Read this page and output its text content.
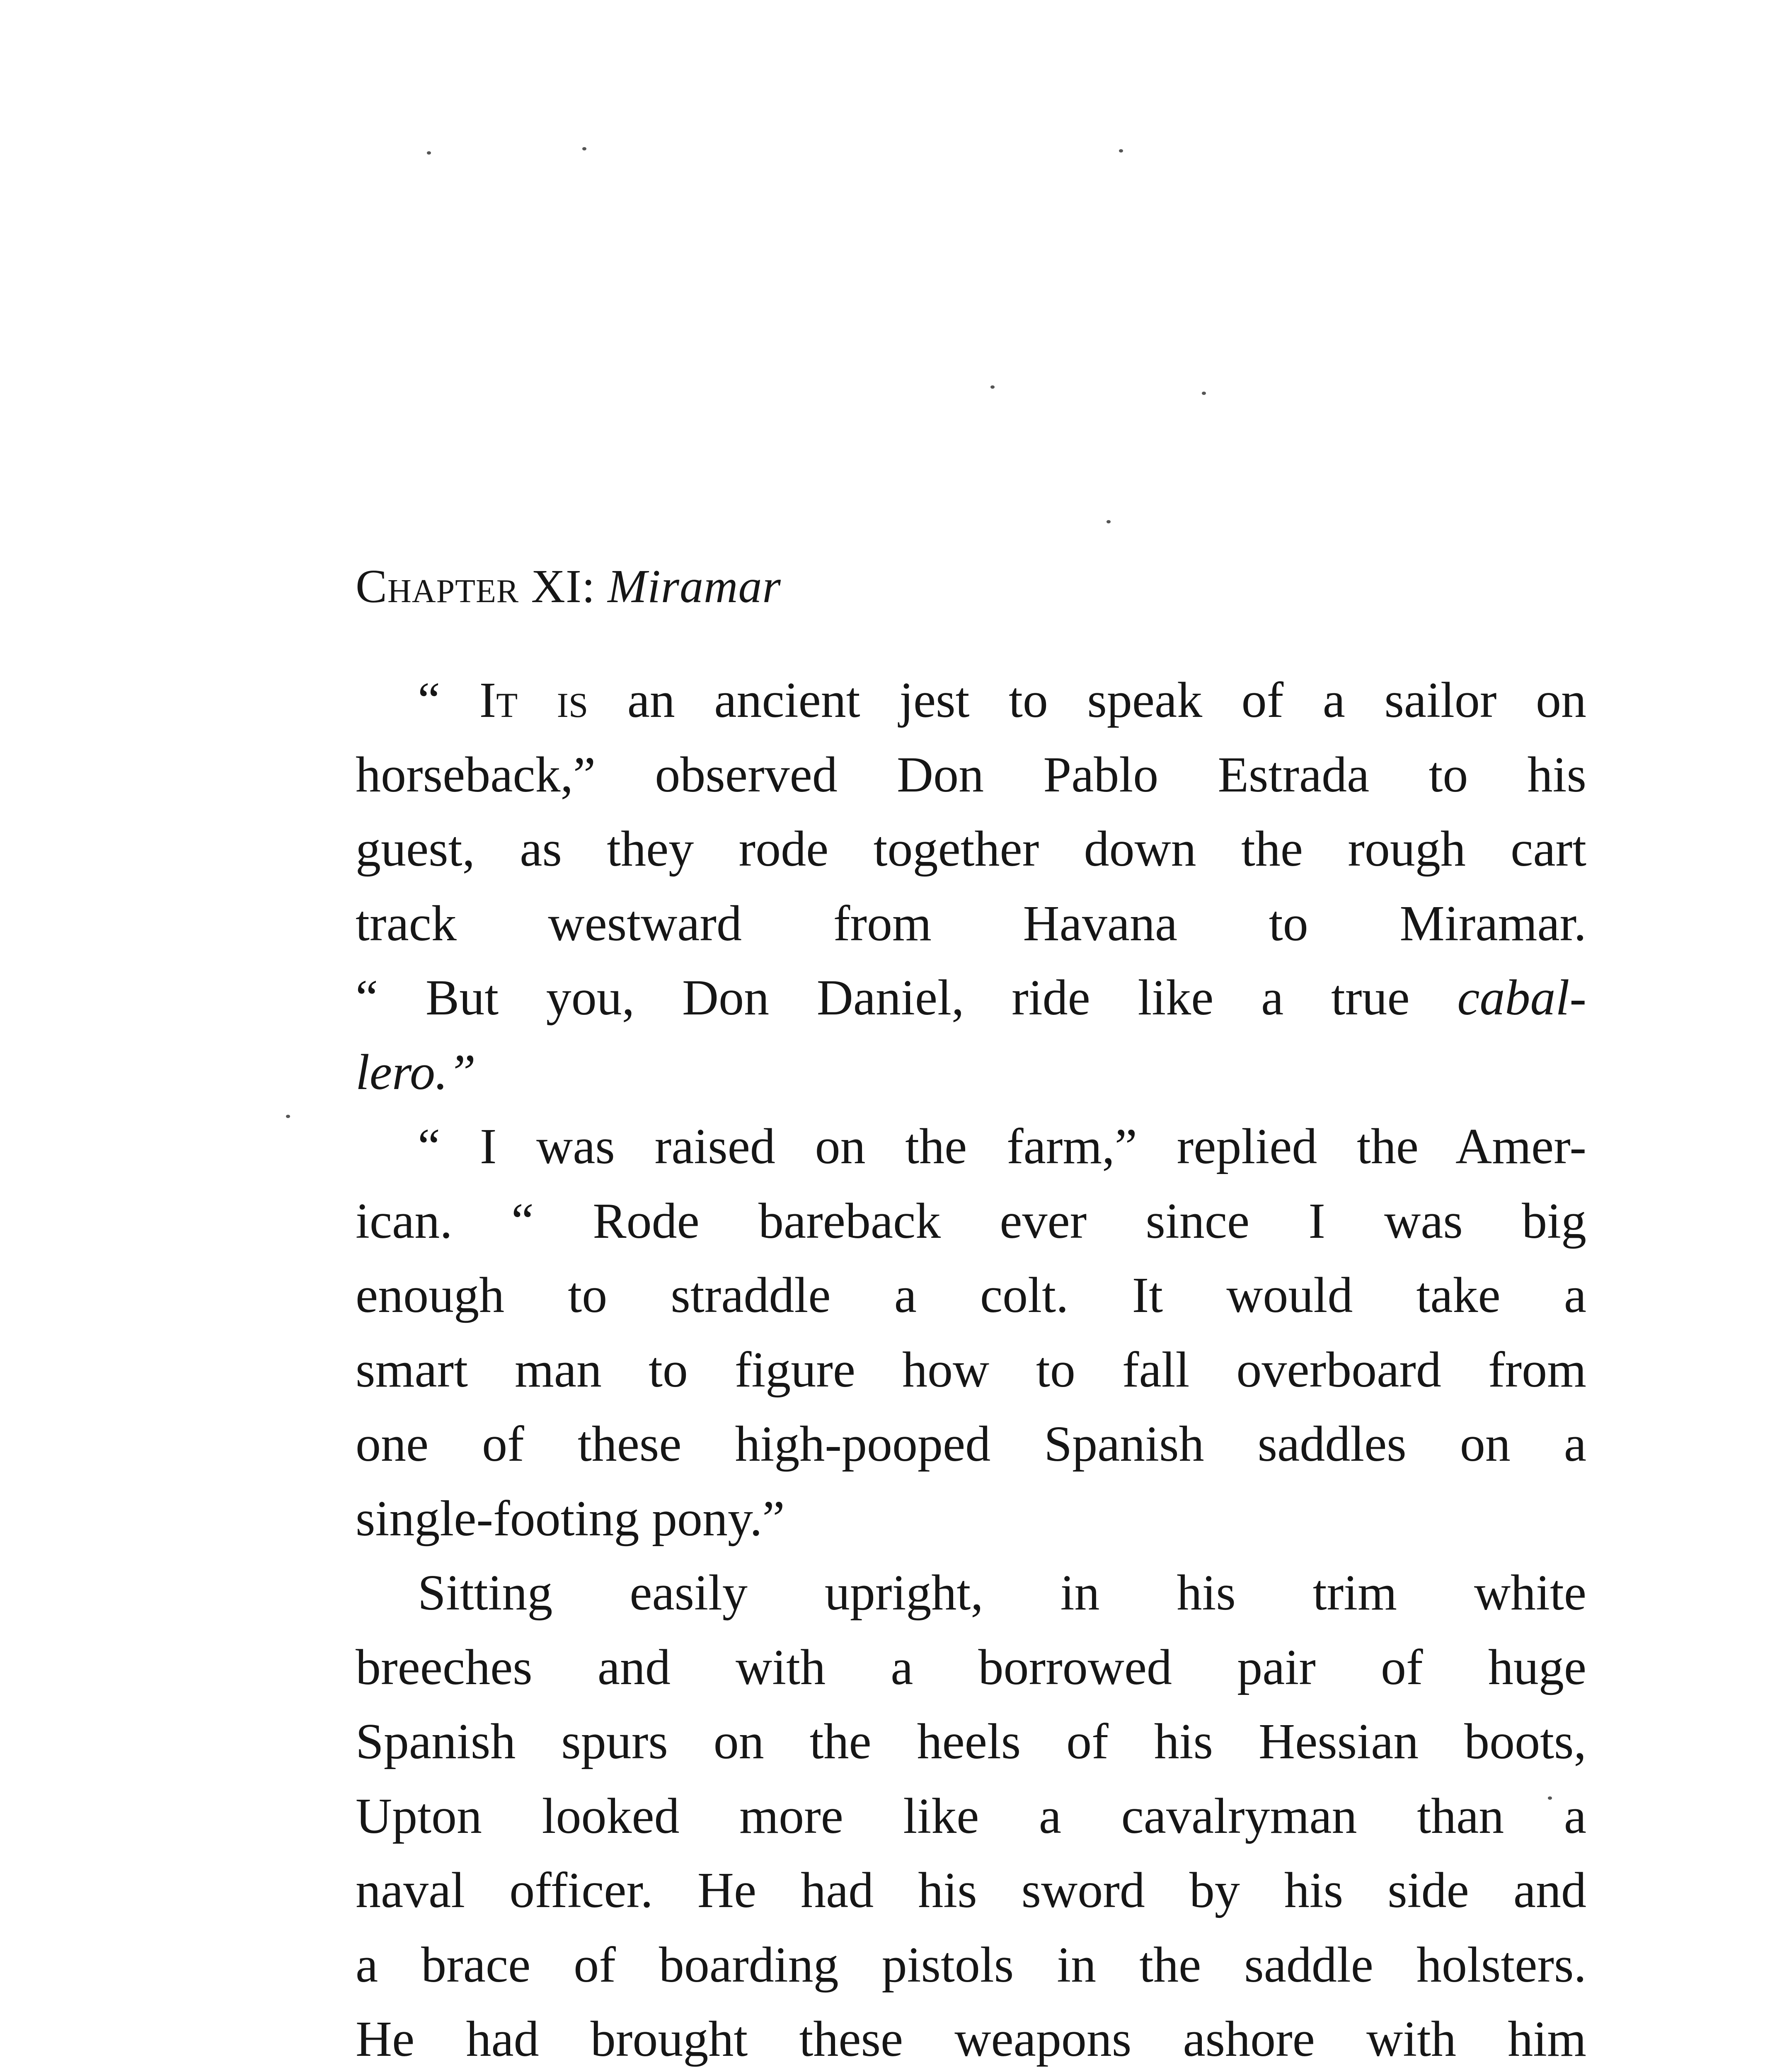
Chapter XI: Miramar
“ It is an ancient jest to speak of a sailor on
horseback,” observed Don Pablo Estrada to his
guest, as they rode together down the rough cart
track westward from Havana to Miramar.
“ But you, Don Daniel, ride like a true cabal-
lero.”
“ I was raised on the farm,” replied the Amer-
ican. “ Rode bareback ever since I was big
enough to straddle a colt. It would take a
smart man to figure how to fall overboard from
one of these high-pooped Spanish saddles on a
single-footing pony.”
Sitting easily upright, in his trim white
breeches and with a borrowed pair of huge
Spanish spurs on the heels of his Hessian boots,
Upton looked more like a cavalryman than a
naval officer. He had his sword by his side and
a brace of boarding pistols in the saddle holsters.
He had brought these weapons ashore with him
